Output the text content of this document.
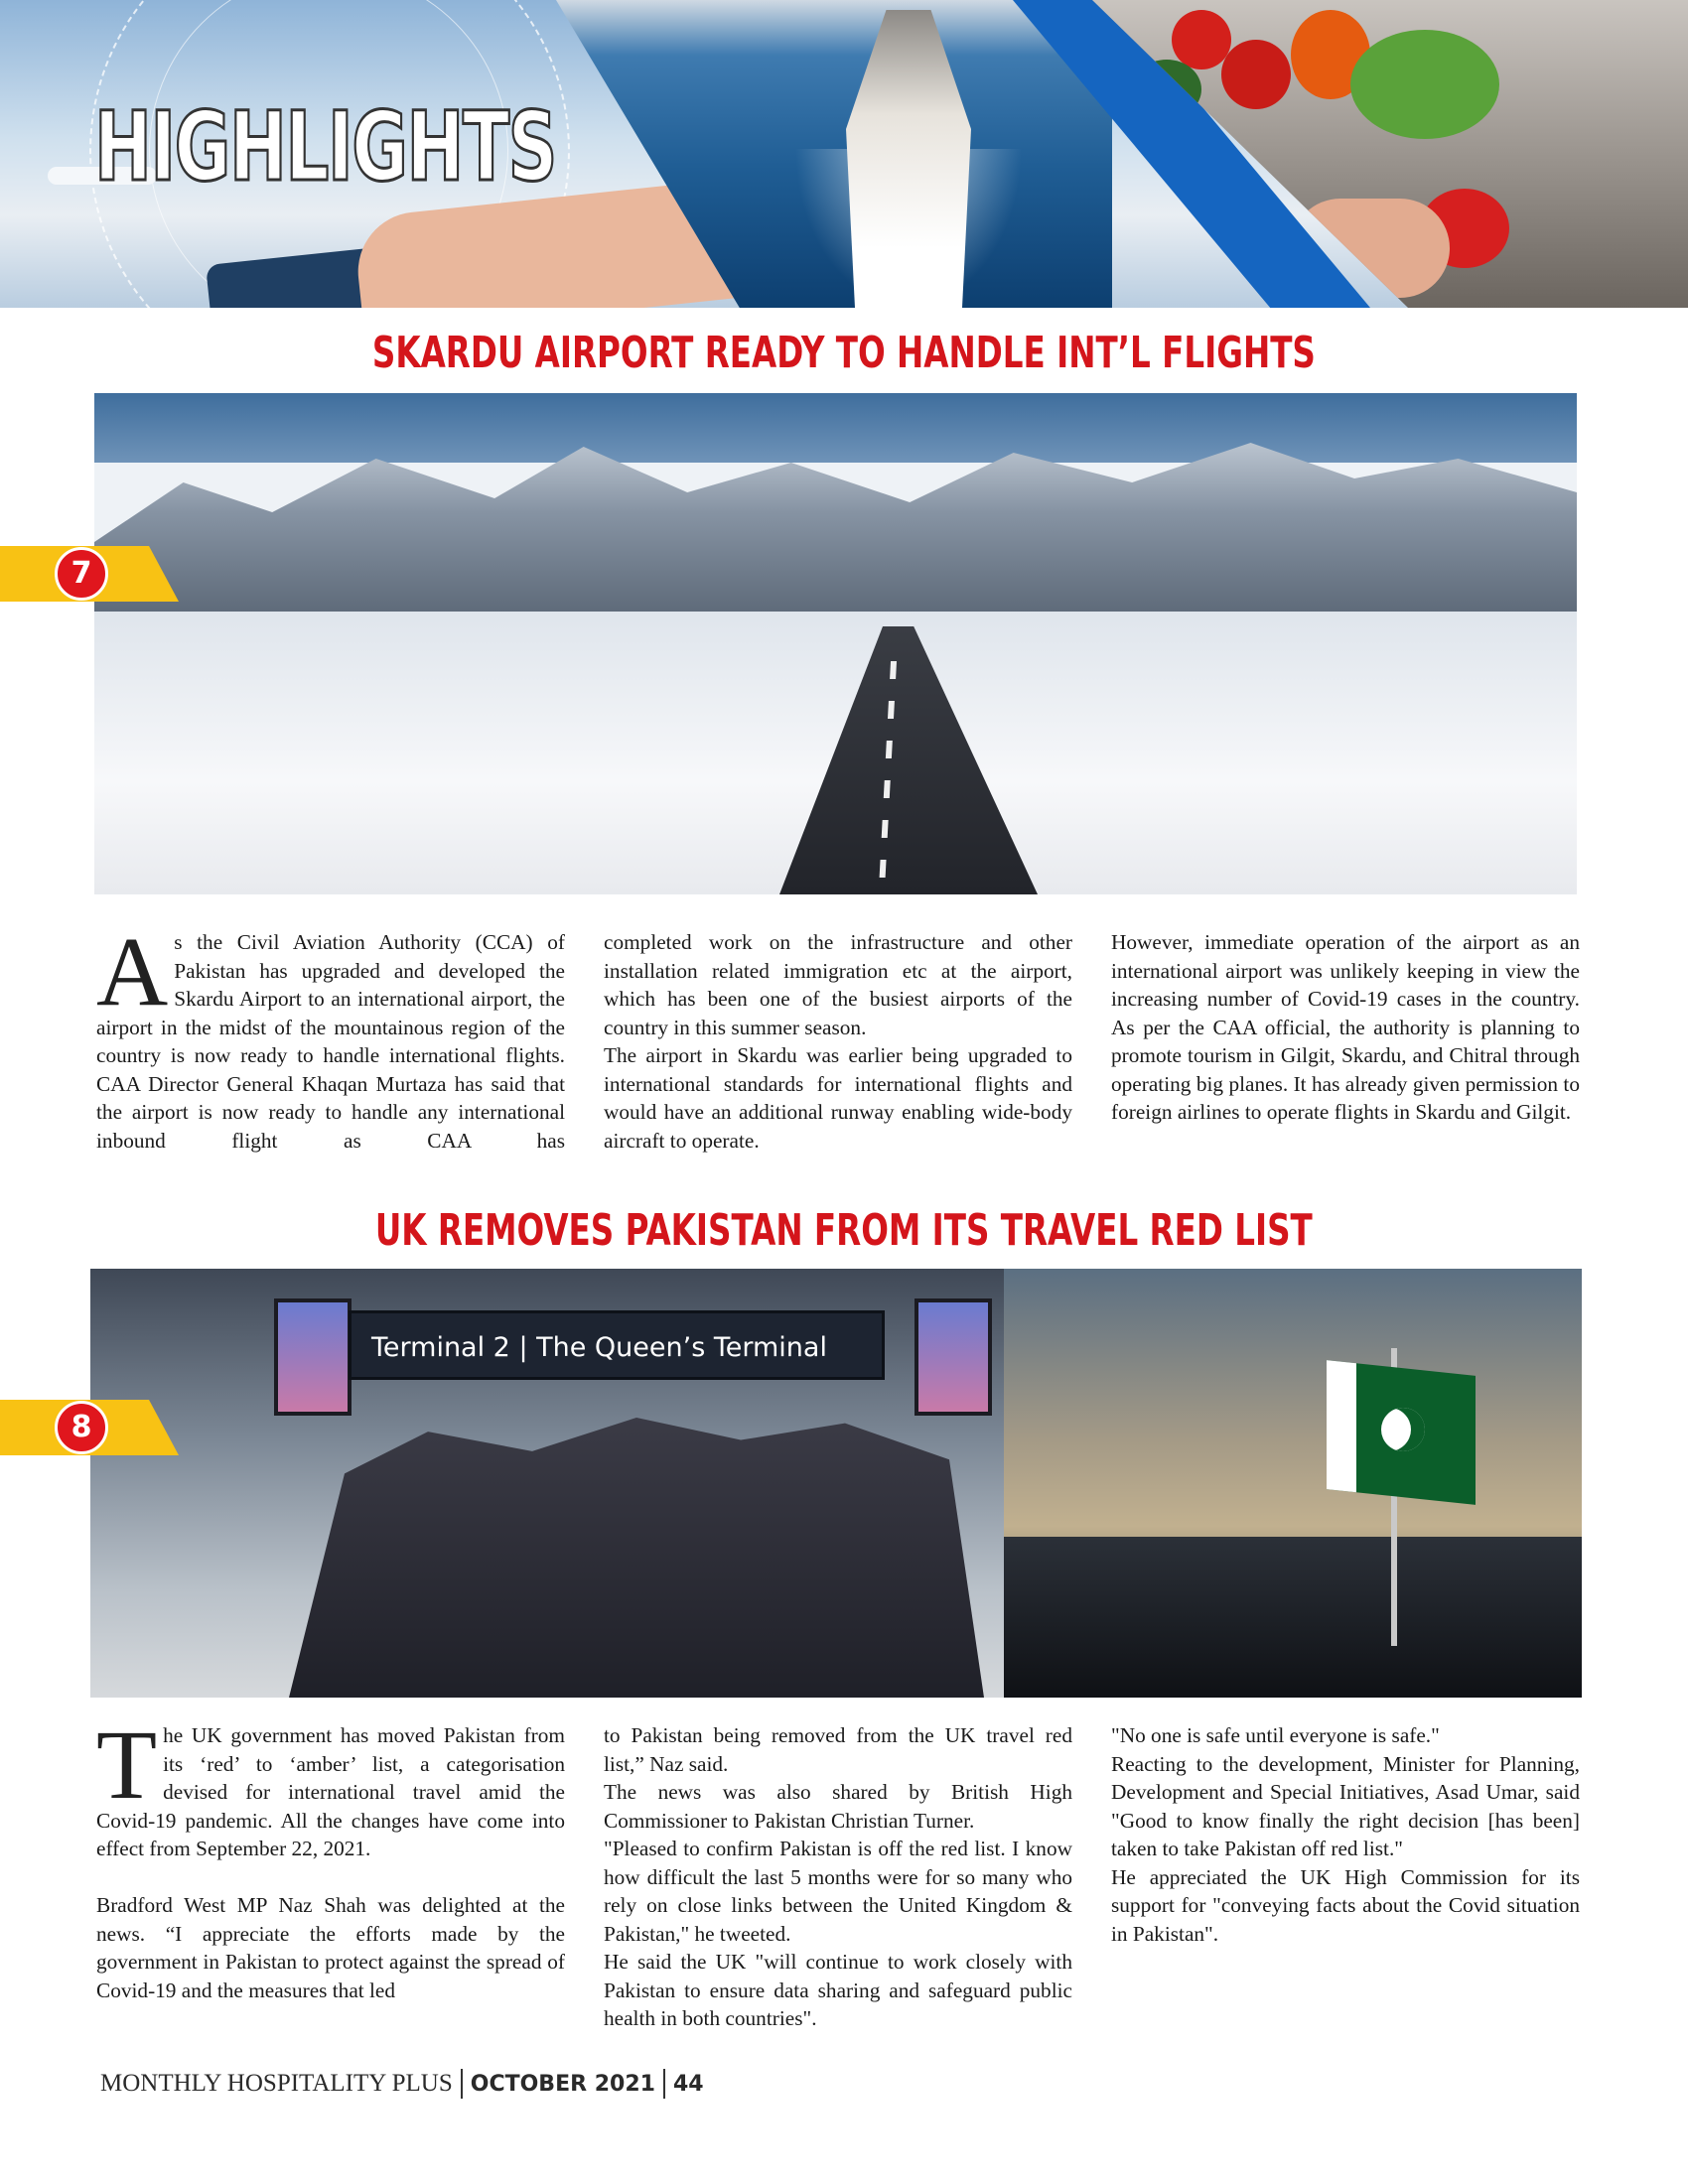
HIGHLIGHTS
SKARDU AIRPORT READY TO HANDLE INT’L FLIGHTS
7

As the Civil Aviation Authority (CCA) of Pakistan has upgraded and developed the Skardu Airport to an international airport, the airport in the midst of the mountainous region of the country is now ready to handle international flights.

CAA Director General Khaqan Murtaza has said that the airport is now ready to handle any international inbound flight as CAA has

completed work on the infrastructure and other installation related immigration etc at the airport, which has been one of the busiest airports of the country in this summer season.

The airport in Skardu was earlier being upgraded to international standards for international flights and would have an additional runway enabling wide-body aircraft to operate.

However, immediate operation of the airport as an international airport was unlikely keeping in view the increasing number of Covid-19 cases in the country. As per the CAA official, the authority is planning to promote tourism in Gilgit, Skardu, and Chitral through operating big planes. It has already given permission to foreign airlines to operate flights in Skardu and Gilgit.

UK REMOVES PAKISTAN FROM ITS TRAVEL RED LIST
Terminal 2 | The Queen’s Terminal
8

The UK government has moved Pakistan from its ‘red’ to ‘amber’ list, a categorisation devised for international travel amid the Covid-19 pandemic. All the changes have come into effect from September 22, 2021.

Bradford West MP Naz Shah was delighted at the news. “I appreciate the efforts made by the government in Pakistan to protect against the spread of Covid-19 and the measures that led

to Pakistan being removed from the UK travel red list,” Naz said.

The news was also shared by British High Commissioner to Pakistan Christian Turner.

"Pleased to confirm Pakistan is off the red list. I know how difficult the last 5 months were for so many who rely on close links between the United Kingdom & Pakistan," he tweeted.

He said the UK "will continue to work closely with Pakistan to ensure data sharing and safeguard public health in both countries".

"No one is safe until everyone is safe."

Reacting to the development, Minister for Planning, Development and Special Initiatives, Asad Umar, said "Good to know finally the right decision [has been] taken to take Pakistan off red list."

He appreciated the UK High Commission for its support for "conveying facts about the Covid situation in Pakistan".

MONTHLY HOSPITALITY PLUS OCTOBER 2021 44
